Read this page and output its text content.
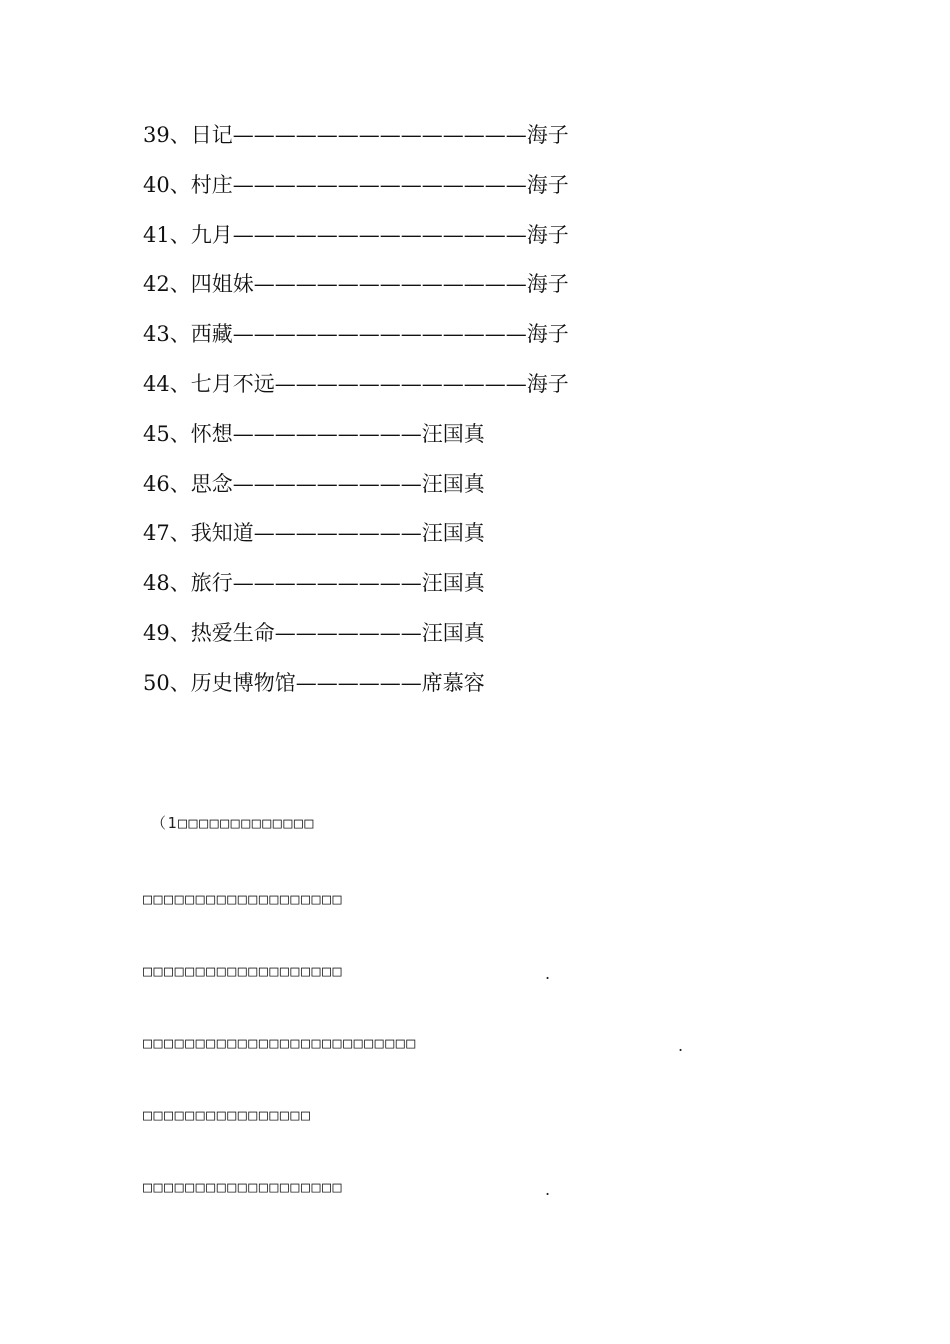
39、日记——————————————海子
40、村庄——————————————海子
41、九月——————————————海子
42、四姐妹—————————————海子
43、西藏——————————————海子
44、七月不远————————————海子
45、怀想—————————汪国真
46、思念—————————汪国真
47、我知道————————汪国真
48、旅行—————————汪国真
49、热爱生命———————汪国真
50、历史博物馆——————席慕容
（1□□□□□□□□□□□□□
□□□□□□□□□□□□□□□□□□□
□□□□□□□□□□□□□□□□□□□	.
□□□□□□□□□□□□□□□□□□□□□□□□□□	.
□□□□□□□□□□□□□□□□
□□□□□□□□□□□□□□□□□□□	.
